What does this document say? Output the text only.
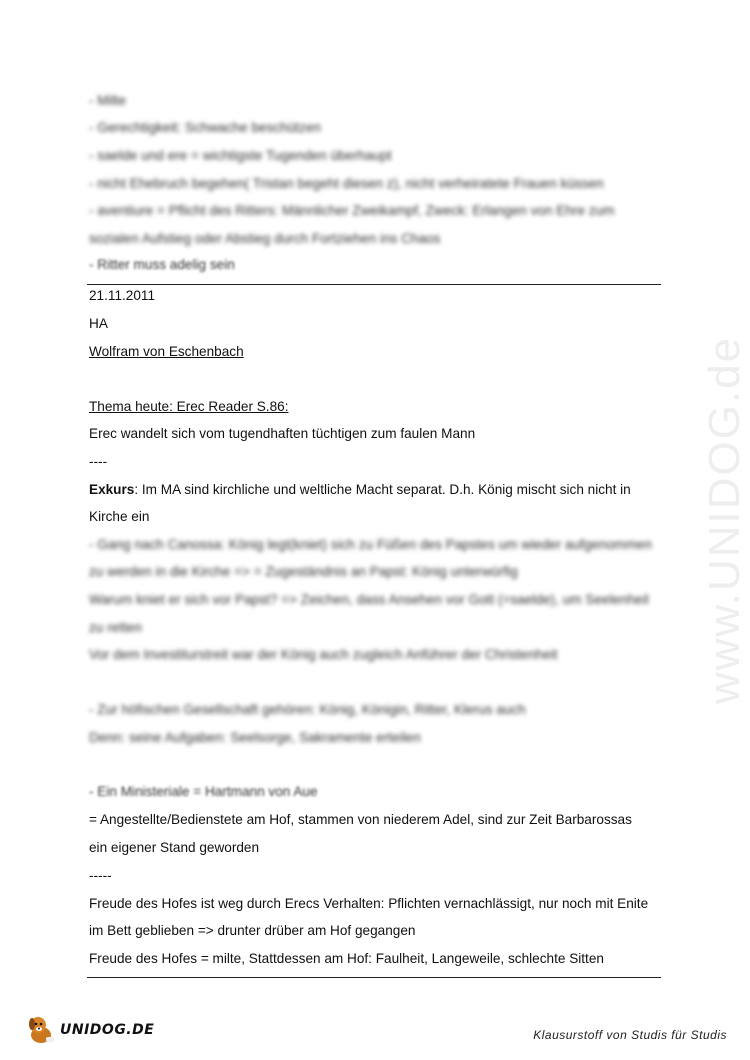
www.UNIDOG.de
- Milte
- Gerechtigkeit: Schwache beschützen
- saelde und ere = wichtigste Tugenden überhaupt
- nicht Ehebruch begehen( Tristan begeht diesen z), nicht verheiratete Frauen küssen
- aventiure = Pflicht des Ritters: Männlicher Zweikampf, Zweck: Erlangen von Ehre zum
sozialen Aufstieg oder Abstieg durch Fortziehen ins Chaos
- Ritter muss adelig sein
21.11.2011
HA
Wolfram von Eschenbach
Thema heute: Erec Reader S.86:
Erec wandelt sich vom tugendhaften tüchtigen zum faulen Mann
----
Exkurs: Im MA sind kirchliche und weltliche Macht separat. D.h. König mischt sich nicht in
Kirche ein
- Gang nach Canossa: König legt(kniet) sich zu Füßen des Papstes um wieder aufgenommen
zu werden in die Kirche => = Zugeständnis an Papst: König unterwürfig
Warum kniet er sich vor Papst? => Zeichen, dass Ansehen vor Gott (=saelde), um Seelenheil
zu retten
Vor dem Investiturstreit war der König auch zugleich Anführer der Christenheit
- Zur höfischen Gesellschaft gehören: König, Königin, Ritter, Klerus auch
Denn: seine Aufgaben: Seelsorge, Sakramente erteilen
- Ein Ministeriale = Hartmann von Aue
= Angestellte/Bedienstete am Hof, stammen von niederem Adel, sind zur Zeit Barbarossas
ein eigener Stand geworden
-----
Freude des Hofes ist weg durch Erecs Verhalten: Pflichten vernachlässigt, nur noch mit Enite
im Bett geblieben => drunter drüber am Hof gegangen
Freude des Hofes = milte, Stattdessen am Hof: Faulheit, Langeweile, schlechte Sitten
UNIDOG.DE	Klausurstoff von Studis für Studis
